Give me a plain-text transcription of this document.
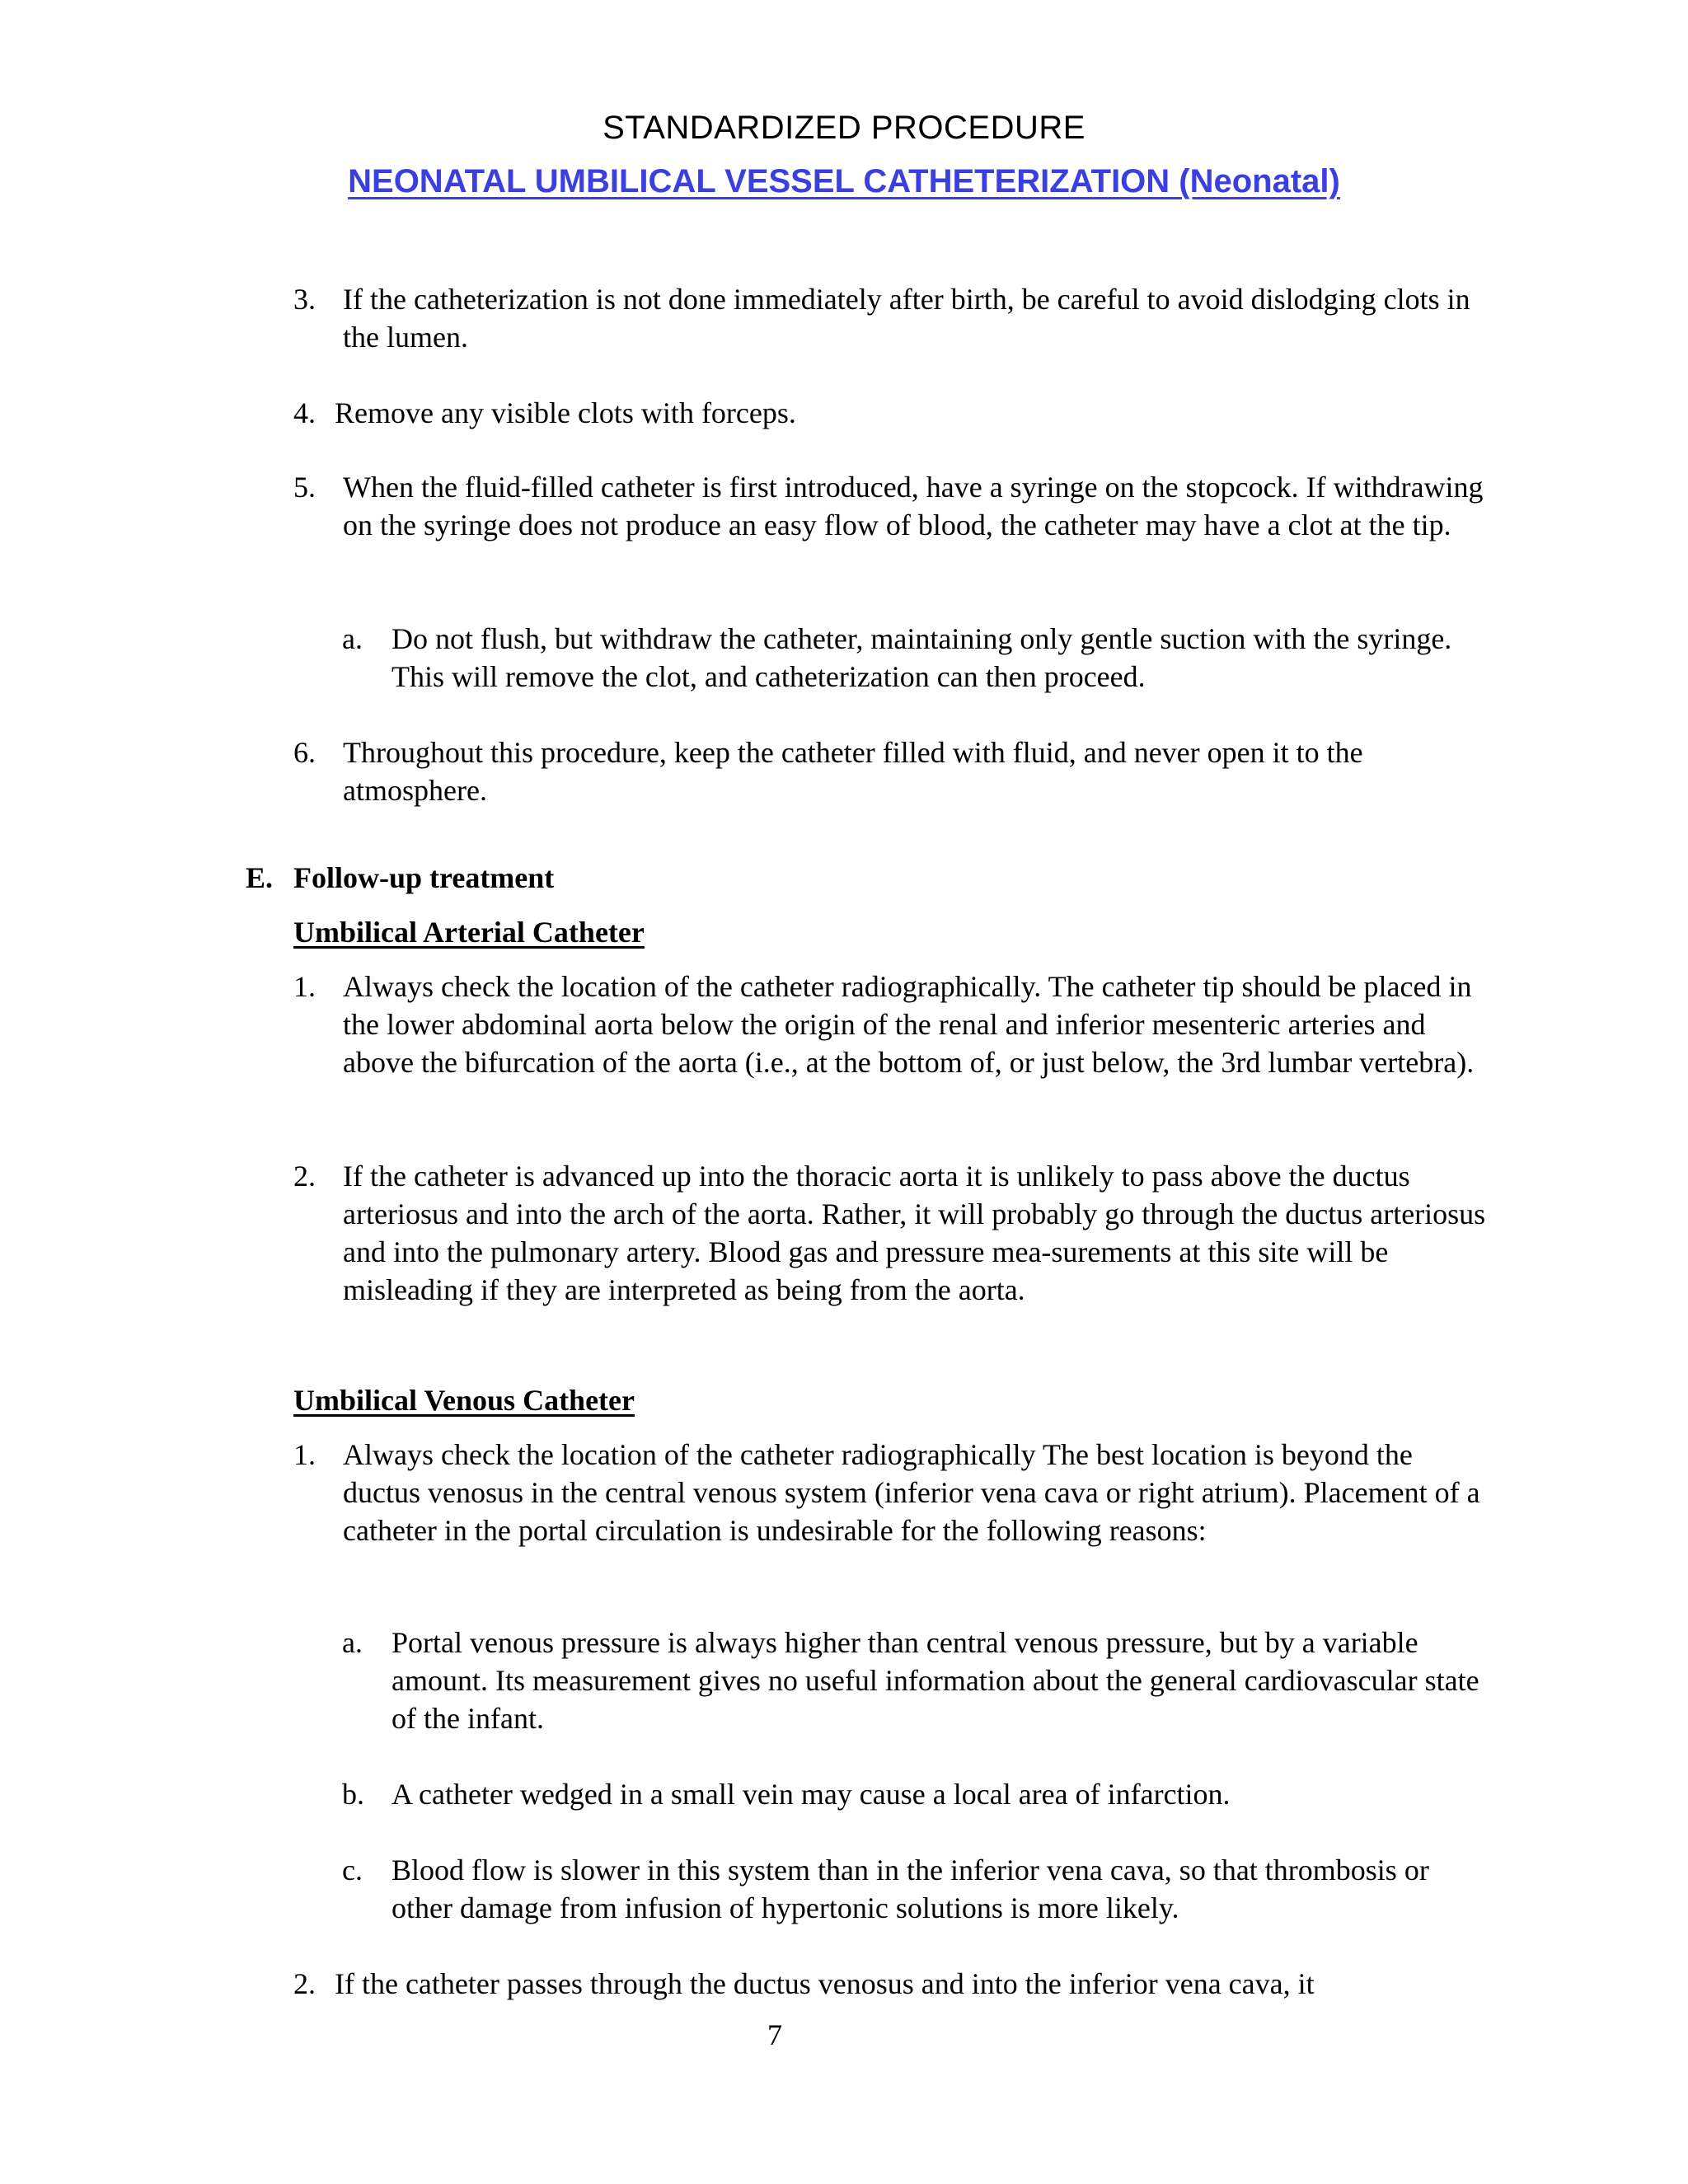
STANDARDIZED PROCEDURE
NEONATAL UMBILICAL VESSEL CATHETERIZATION (Neonatal)
3. If the catheterization is not done immediately after birth, be careful to avoid dislodging clots in the lumen.
4. Remove any visible clots with forceps.
5. When the fluid-filled catheter is first introduced, have a syringe on the stopcock. If withdrawing on the syringe does not produce an easy flow of blood, the catheter may have a clot at the tip.
a. Do not flush, but withdraw the catheter, maintaining only gentle suction with the syringe. This will remove the clot, and catheterization can then proceed.
6. Throughout this procedure, keep the catheter filled with fluid, and never open it to the atmosphere.
E. Follow-up treatment
Umbilical Arterial Catheter
1. Always check the location of the catheter radiographically. The catheter tip should be placed in the lower abdominal aorta below the origin of the renal and inferior mesenteric arteries and above the bifurcation of the aorta (i.e., at the bottom of, or just below, the 3rd lumbar vertebra).
2. If the catheter is advanced up into the thoracic aorta it is unlikely to pass above the ductus arteriosus and into the arch of the aorta. Rather, it will probably go through the ductus arteriosus and into the pulmonary artery. Blood gas and pressure mea-surements at this site will be misleading if they are interpreted as being from the aorta.
Umbilical Venous Catheter
1. Always check the location of the catheter radiographically The best location is beyond the ductus venosus in the central venous system (inferior vena cava or right atrium). Placement of a catheter in the portal circulation is undesirable for the following reasons:
a. Portal venous pressure is always higher than central venous pressure, but by a variable amount. Its measurement gives no useful information about the general cardiovascular state of the infant.
b. A catheter wedged in a small vein may cause a local area of infarction.
c. Blood flow is slower in this system than in the inferior vena cava, so that thrombosis or other damage from infusion of hypertonic solutions is more likely.
2. If the catheter passes through the ductus venosus and into the inferior vena cava, it
7
